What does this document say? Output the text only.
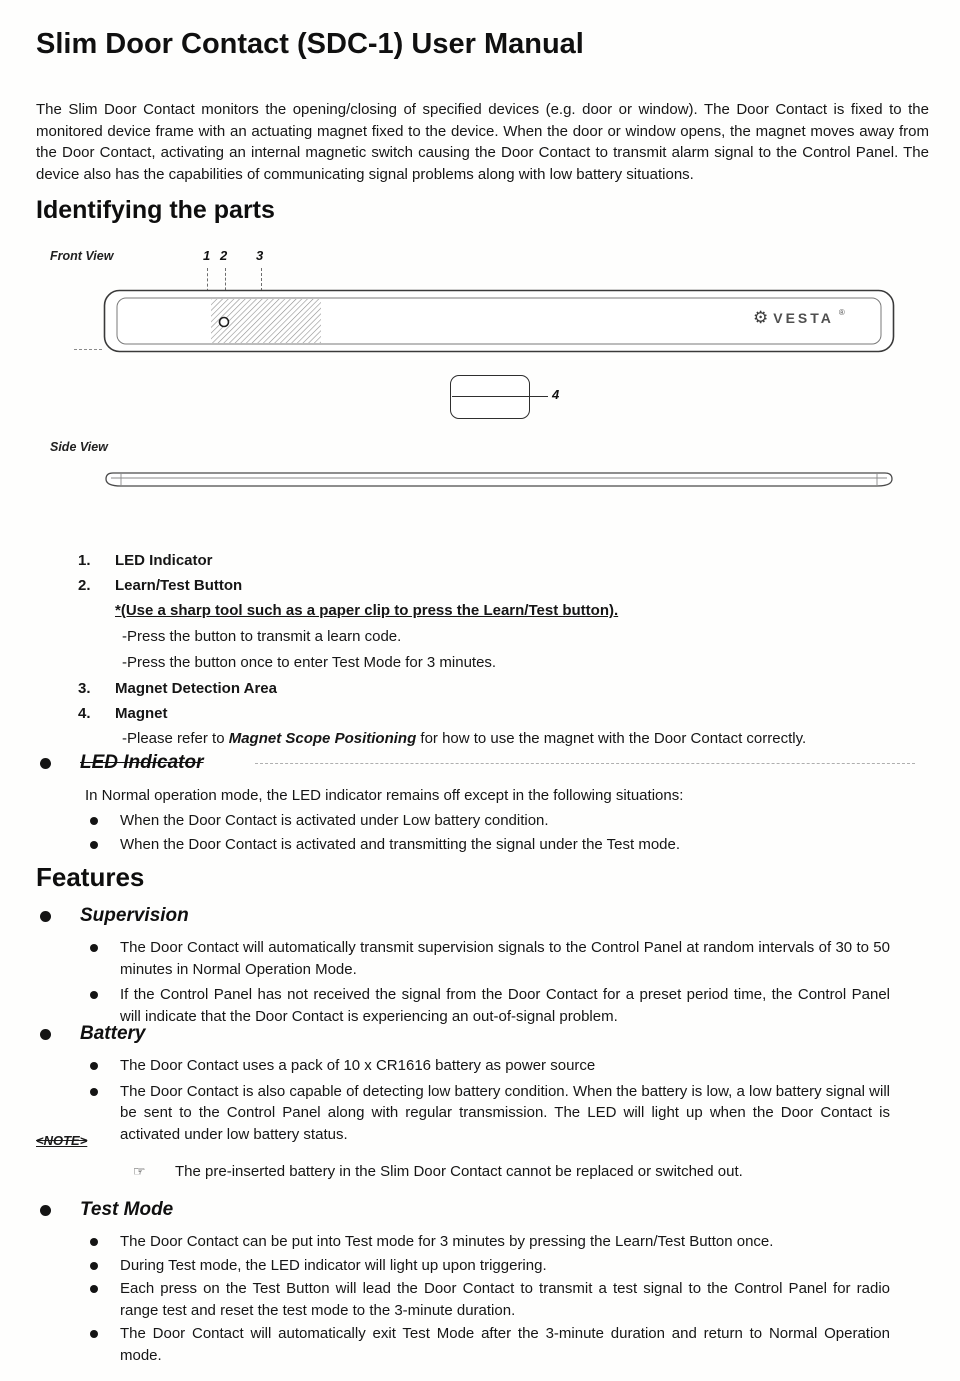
Slim Door Contact (SDC-1) User Manual

The Slim Door Contact monitors the opening/closing of specified devices (e.g. door or window). The Door Contact is fixed to the monitored device frame with an actuating magnet fixed to the device. When the door or window opens, the magnet moves away from the Door Contact, activating an internal magnetic switch causing the Door Contact to transmit alarm signal to the Control Panel. The device also has the capabilities of communicating signal problems along with low battery situations.

Identifying the parts
Front View	1 2 3
⚙
VESTA ®
4
Side View
1. LED Indicator
2. Learn/Test Button
*(Use a sharp tool such as a paper clip to press the Learn/Test button).
-Press the button to transmit a learn code.
-Press the button once to enter Test Mode for 3 minutes.
3. Magnet Detection Area
4. Magnet
-Please refer to Magnet Scope Positioning for how to use the magnet with the Door Contact correctly.
LED Indicator
In Normal operation mode, the LED indicator remains off except in the following situations:
When the Door Contact is activated under Low battery condition.
When the Door Contact is activated and transmitting the signal under the Test mode.
Features
Supervision
The Door Contact will automatically transmit supervision signals to the Control Panel at random intervals of 30 to 50 minutes in Normal Operation Mode.
If the Control Panel has not received the signal from the Door Contact for a preset period time, the Control Panel will indicate that the Door Contact is experiencing an out-of-signal problem.
Battery
The Door Contact uses a pack of 10 x CR1616 battery as power source
The Door Contact is also capable of detecting low battery condition. When the battery is low, a low battery signal will be sent to the Control Panel along with regular transmission. The LED will light up when the Door Contact is activated under low battery status.
<NOTE>
☞	The pre-inserted battery in the Slim Door Contact cannot be replaced or switched out.
Test Mode
The Door Contact can be put into Test mode for 3 minutes by pressing the Learn/Test Button once.
During Test mode, the LED indicator will light up upon triggering.
Each press on the Test Button will lead the Door Contact to transmit a test signal to the Control Panel for radio range test and reset the test mode to the 3-minute duration.
The Door Contact will automatically exit Test Mode after the 3-minute duration and return to Normal Operation mode.
